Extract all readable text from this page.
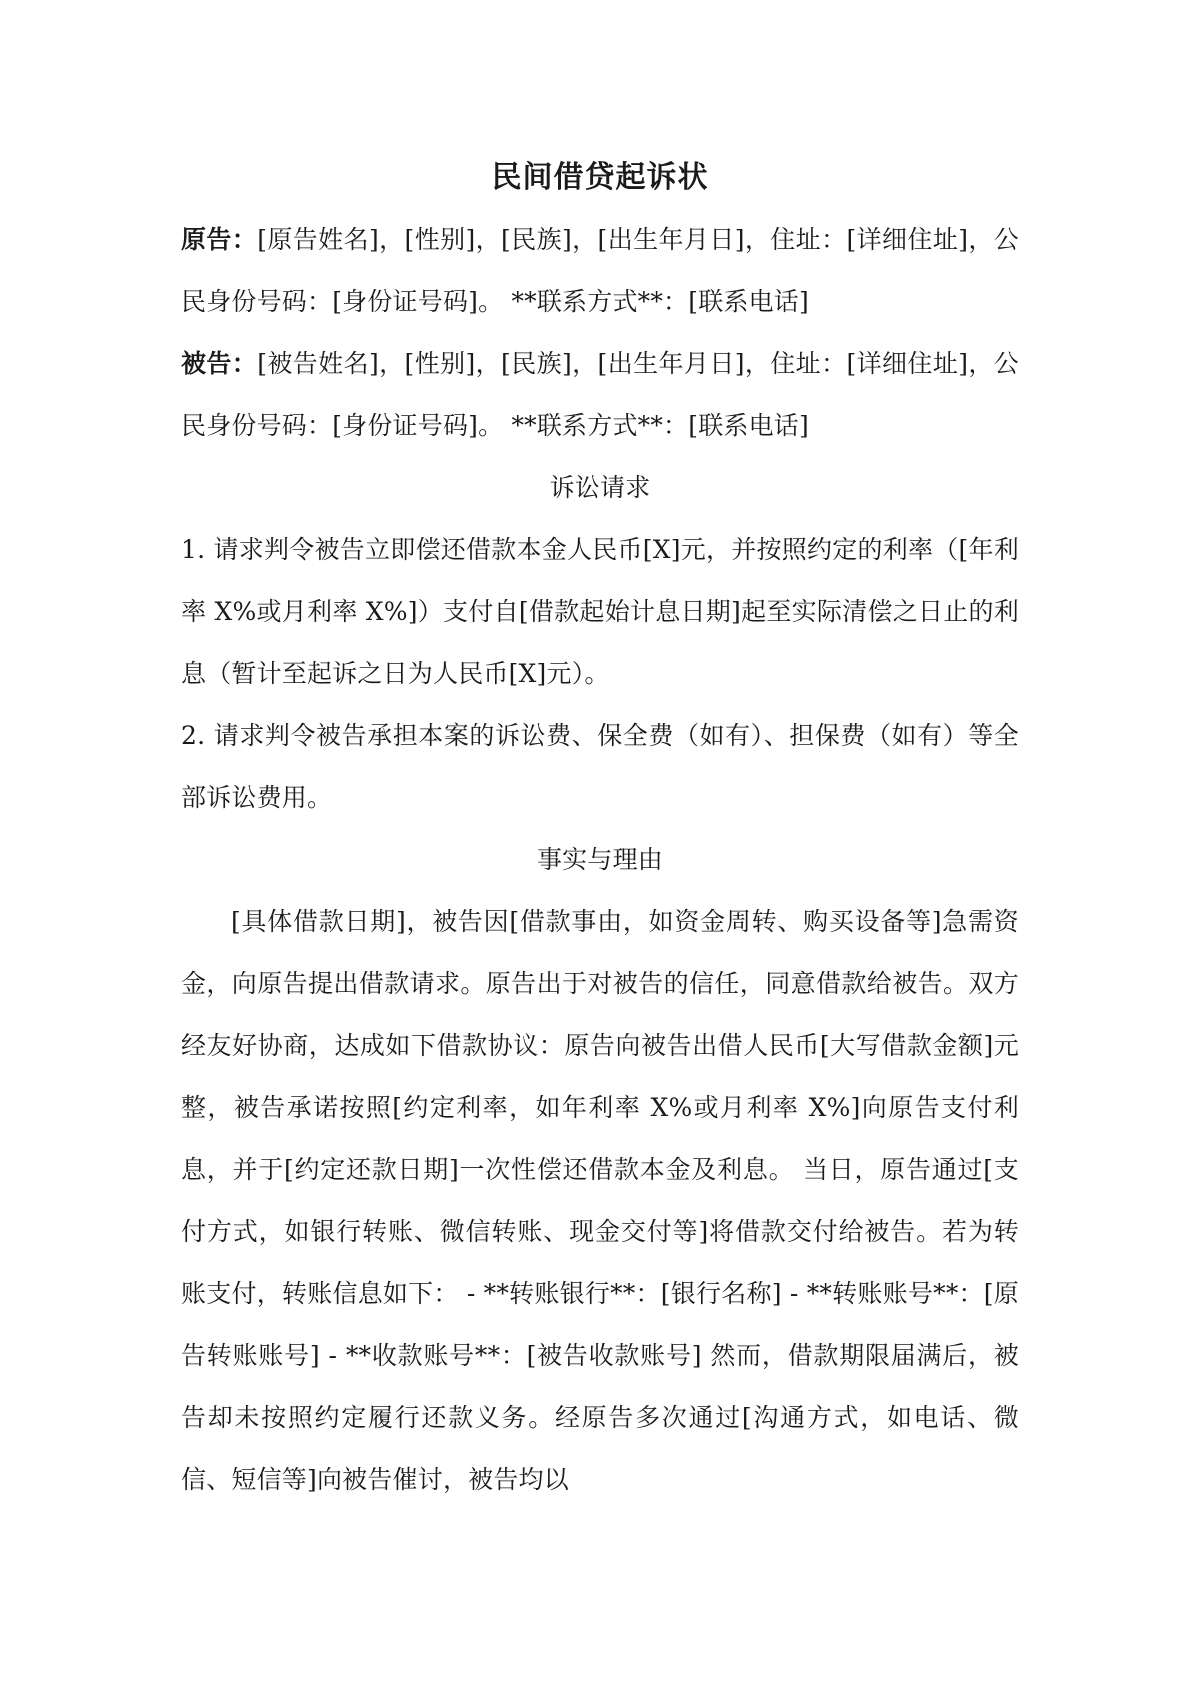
民间借贷起诉状

原告：[原告姓名]，[性别]，[民族]，[出生年月日]，住址：[详细住址]，公民身份号码：[身份证号码]。 **联系方式**：[联系电话]

被告：[被告姓名]，[性别]，[民族]，[出生年月日]，住址：[详细住址]，公民身份号码：[身份证号码]。 **联系方式**：[联系电话]

诉讼请求

1. 请求判令被告立即偿还借款本金人民币[X]元，并按照约定的利率（[年利率 X%或月利率 X%]）支付自[借款起始计息日期]起至实际清偿之日止的利息（暂计至起诉之日为人民币[X]元）。

2. 请求判令被告承担本案的诉讼费、保全费（如有）、担保费（如有）等全部诉讼费用。

事实与理由

[具体借款日期]，被告因[借款事由，如资金周转、购买设备等]急需资金，向原告提出借款请求。原告出于对被告的信任，同意借款给被告。双方经友好协商，达成如下借款协议：原告向被告出借人民币[大写借款金额]元整，被告承诺按照[约定利率，如年利率 X%或月利率 X%]向原告支付利息，并于[约定还款日期]一次性偿还借款本金及利息。 当日，原告通过[支付方式，如银行转账、微信转账、现金交付等]将借款交付给被告。若为转账支付，转账信息如下： - **转账银行**：[银行名称] - **转账账号**：[原告转账账号] - **收款账号**：[被告收款账号] 然而，借款期限届满后，被告却未按照约定履行还款义务。经原告多次通过[沟通方式，如电话、微信、短信等]向被告催讨，被告均以
